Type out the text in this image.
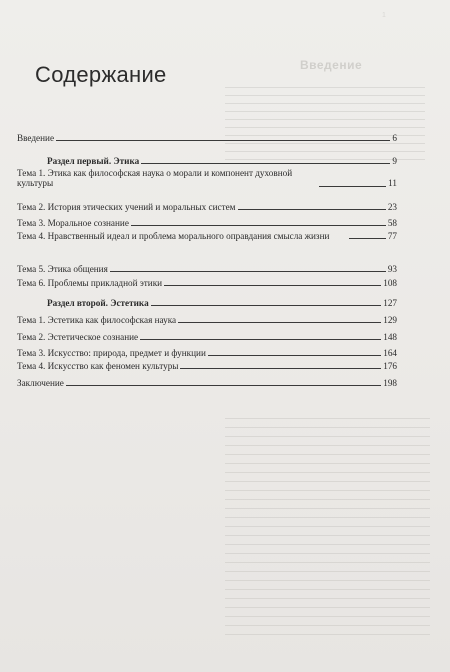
1
Введение
Содержание
Введение	6
Раздел первый. Этика	9
Тема 1. Этика как философская наука о морали и компонент духовной культуры	11
Тема 2. История этических учений и моральных систем	23
Тема 3. Моральное сознание	58
Тема 4. Нравственный идеал и проблема морального оправдания смысла жизни	77
Тема 5. Этика общения	93
Тема 6. Проблемы прикладной этики	108
Раздел второй. Эстетика	127
Тема 1. Эстетика как философская наука	129
Тема 2. Эстетическое сознание	148
Тема 3. Искусство: природа, предмет и функции	164
Тема 4. Искусство как феномен культуры	176
Заключение	198
